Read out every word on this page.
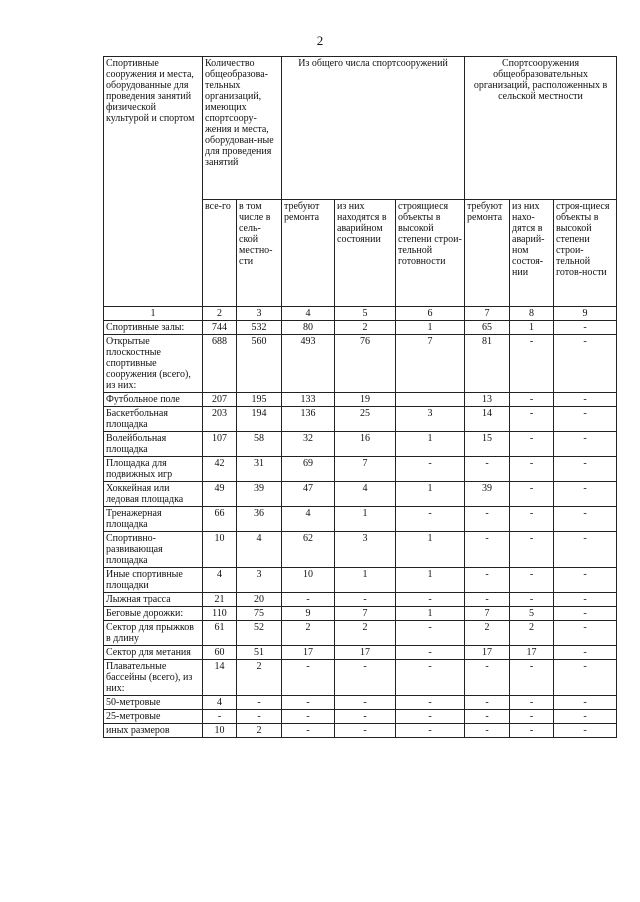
2
Спортивные сооружения и места, оборудованные для проведения занятий физической культурой и спортом	Количество общеобразова-тельных организаций, имеющих спортсоору-жения и места, оборудован-ные для проведения занятий		Из общего числа спортсооружений			Спортсооружения общеобразовательных организаций, расположенных в сельской местности		
	все-го	в том числе в сель-ской местно-сти	требуют ремонта	из них находятся в аварийном состоянии	строящиеся объекты в высокой степени строи-тельной готовности	требуют ремонта	из них нахо-дятся в аварий-ном состоя-нии	строя-щиеся объекты в высокой степени строи-тельной готов-ности
1	2	3	4	5	6	7	8	9
Спортивные залы:	744	532	80	2	1	65	1	-
Открытые плоскостные спортивные сооружения (всего), из них:	688	560	493	76	7	81	-	-
Футбольное поле	207	195	133	19		13	-	-
Баскетбольная площадка	203	194	136	25	3	14	-	-
Волейбольная площадка	107	58	32	16	1	15	-	-
Площадка для подвижных игр	42	31	69	7	-	-	-	-
Хоккейная или ледовая площадка	49	39	47	4	1	39	-	-
Тренажерная площадка	66	36	4	1	-	-	-	-
Спортивно-развивающая площадка	10	4	62	3	1	-	-	-
Иные спортивные площадки	4	3	10	1	1	-	-	-
Лыжная трасса	21	20	-	-	-	-	-	-
Беговые дорожки:	110	75	9	7	1	7	5	-
Сектор для прыжков в длину	61	52	2	2	-	2	2	-
Сектор для метания	60	51	17	17	-	17	17	-
Плавательные бассейны (всего), из них:	14	2	-	-	-	-	-	-
50-метровые	4	-	-	-	-	-	-	-
25-метровые	-	-	-	-	-	-	-	-
иных размеров	10	2	-	-	-	-	-	-
